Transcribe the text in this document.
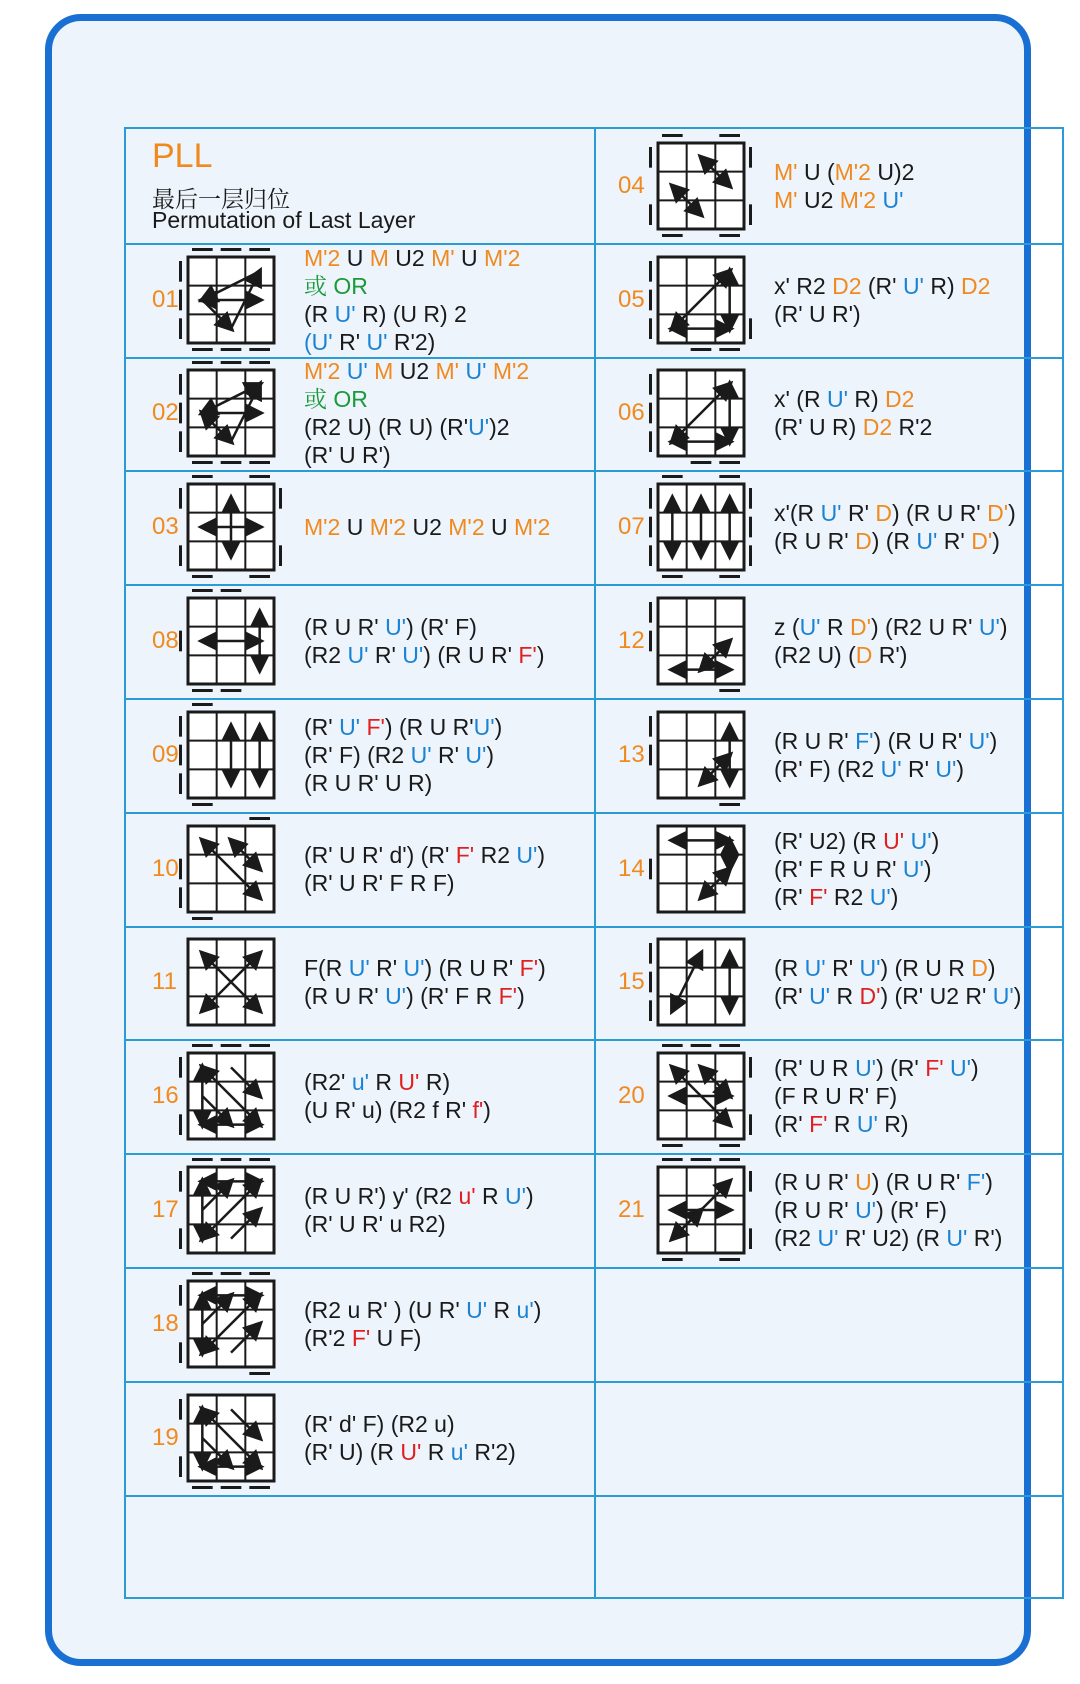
PLL
最后一层归位
Permutation of Last Layer
01
M'2 U M U2 M' U M'2
或 OR
(R U' R) (U R) 2
(U' R' U' R'2)
02
M'2 U' M U2 M' U' M'2
或 OR
(R2 U) (R U) (R'U')2
(R' U R')
03	M'2 U M'2 U2 M'2 U M'2
08	(R U R' U') (R' F)
(R2 U' R' U') (R U R' F')
09
(R' U' F') (R U R'U')
(R' F) (R2 U' R' U')
(R U R' U R)
10	(R' U R' d') (R' F' R2 U')
(R' U R' F R F)
11	F(R U' R' U') (R U R' F')
(R U R' U') (R' F R F')
16	(R2' u' R U' R)
(U R' u) (R2 f R' f')
17	(R U R') y' (R2 u' R U')
(R' U R' u R2)
18	(R2 u R' ) (U R' U' R u')
(R'2 F' U F)
19	(R' d' F) (R2 u)
(R' U) (R U' R u' R'2)
04	M' U (M'2 U)2
M' U2 M'2 U'
05	x' R2 D2 (R' U' R) D2
(R' U R')
06	x' (R U' R) D2
(R' U R) D2 R'2
07	x'(R U' R' D) (R U R' D')
(R U R' D) (R U' R' D')
12	z (U' R D') (R2 U R' U')
(R2 U) (D R')
13	(R U R' F') (R U R' U')
(R' F) (R2 U' R' U')
14
(R' U2) (R U' U')
(R' F R U R' U')
(R' F' R2 U')
15	(R U' R' U') (R U R D)
(R' U' R D') (R' U2 R' U')
20
(R' U R U') (R' F' U')
(F R U R' F)
(R' F' R U' R)
21
(R U R' U) (R U R' F')
(R U R' U') (R' F)
(R2 U' R' U2) (R U' R')
